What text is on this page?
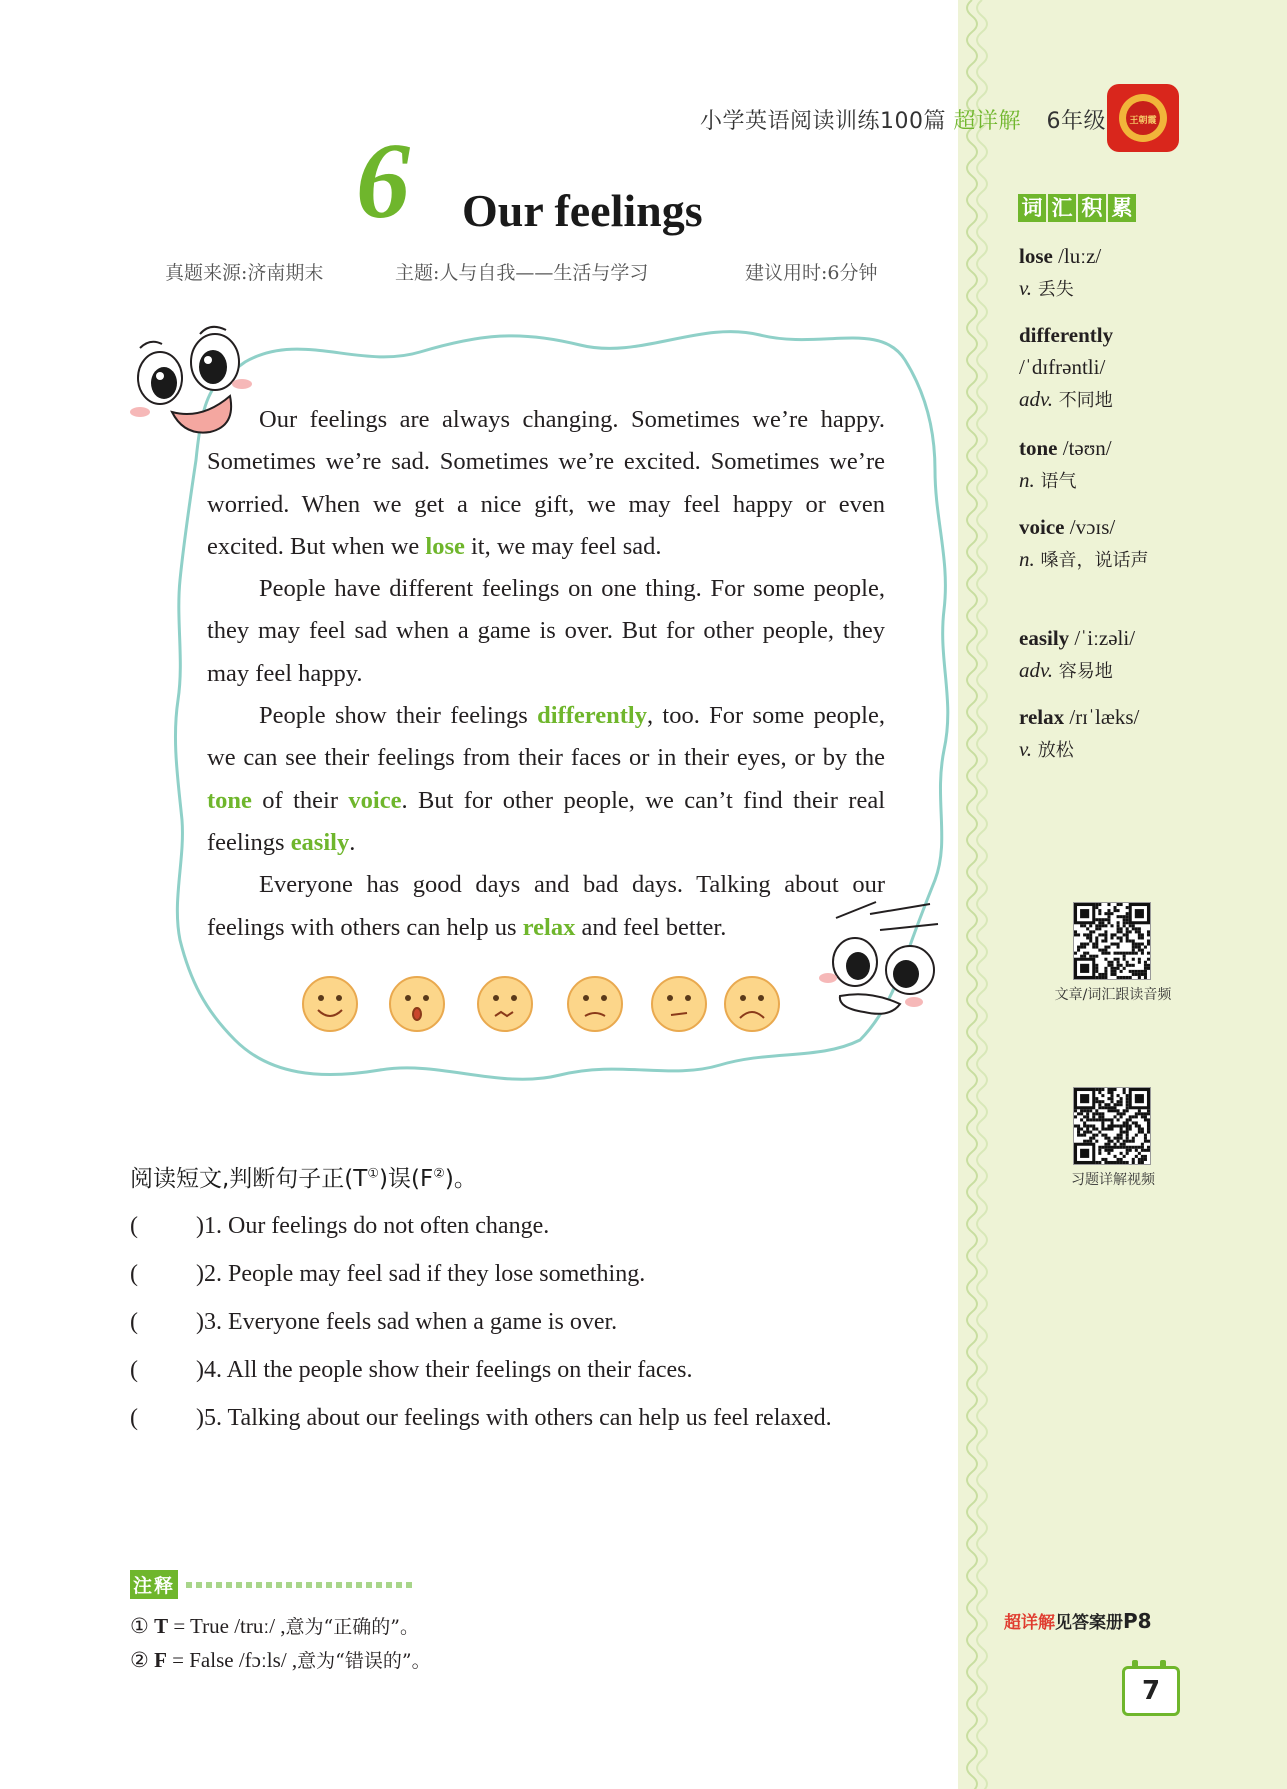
小学英语阅读训练100篇 超详解 6年级	王朝霞
6 Our feelings
真题来源:济南期末	主题:人与自我——生活与学习	建议用时:6分钟

Our feelings are always changing. Sometimes we’re happy. Sometimes we’re sad. Sometimes we’re excited. Sometimes we’re worried. When we get a nice gift, we may feel happy or even excited. But when we lose it, we may feel sad.

People have different feelings on one thing. For some people, they may feel sad when a game is over. But for other people, they may feel happy.

People show their feelings differently, too. For some people, we can see their feelings from their faces or in their eyes, or by the tone of their voice. But for other people, we can’t find their real feelings easily.

Everyone has good days and bad days. Talking about our feelings with others can help us relax and feel better.

阅读短文,判断句子正(T①)误(F②)。
( )1. Our feelings do not often change.
( )2. People may feel sad if they lose something.
( )3. Everyone feels sad when a game is over.
( )4. All the people show their feelings on their faces.
( )5. Talking about our feelings with others can help us feel relaxed.
注释
① T = True /truː/ ,意为“正确的”。
② F = False /fɔːls/ ,意为“错误的”。
词 汇 积 累
lose /luːz/
v. 丢失
differently
/ˈdɪfrəntli/
adv. 不同地
tone /təʊn/
n. 语气
voice /vɔɪs/
n. 嗓音，说话声
easily /ˈiːzəli/
adv. 容易地
relax /rɪˈlæks/
v. 放松
文章/词汇跟读音频
习题详解视频
超详解见答案册P8
7
